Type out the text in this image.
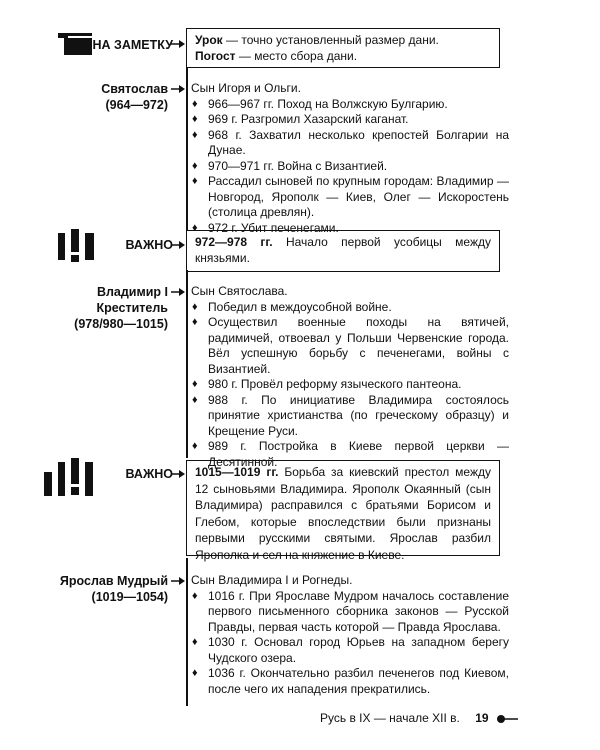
НА ЗАМЕТКУ Урок — точно установленный размер дани.
Погост — место сбора дани.
Святослав
(964—972)
Сын Игоря и Ольги.
♦ 966—967 гг. Поход на Волжскую Булгарию.
♦ 969 г. Разгромил Хазарский каганат.
♦ 968 г. Захватил несколько крепостей Болгарии на Дунае.
♦ 970—971 гг. Война с Византией.
♦ Рассадил сыновей по крупным городам: Владимир — Новгород, Ярополк — Киев, Олег — Искоростень (столица древлян).
♦ 972 г. Убит печенегами.
ВАЖНО	972—978 гг. Начало первой усобицы между князьями.
Владимир I
Креститель
(978/980—1015)
Сын Святослава.
♦ Победил в междоусобной войне.
♦ Осуществил военные походы на вятичей, радимичей, отвоевал у Польши Червенские города. Вёл успешную борьбу с печенегами, войны с Византией.
♦ 980 г. Провёл реформу языческого пантеона.
♦ 988 г. По инициативе Владимира состоялось принятие христианства (по греческому образцу) и Крещение Руси.
♦ 989 г. Постройка в Киеве первой церкви — Десятинной.
ВАЖНО	1015—1019 гг. Борьба за киевский престол между 12 сыновьями Владимира. Ярополк Окаянный (сын Владимира) расправился с братьями Борисом и Глебом, которые впоследствии были признаны первыми русскими святыми. Ярослав разбил Ярополка и сел на княжение в Киеве.
Ярослав Мудрый
(1019—1054)
Сын Владимира I и Рогнеды.
♦ 1016 г. При Ярославе Мудром началось составление первого письменного сборника законов — Русской Правды, первая часть которой — Правда Ярослава.
♦ 1030 г. Основал город Юрьев на западном берегу Чудского озера.
♦ 1036 г. Окончательно разбил печенегов под Киевом, после чего их нападения прекратились.
Русь в IX — начале XII в. 19
